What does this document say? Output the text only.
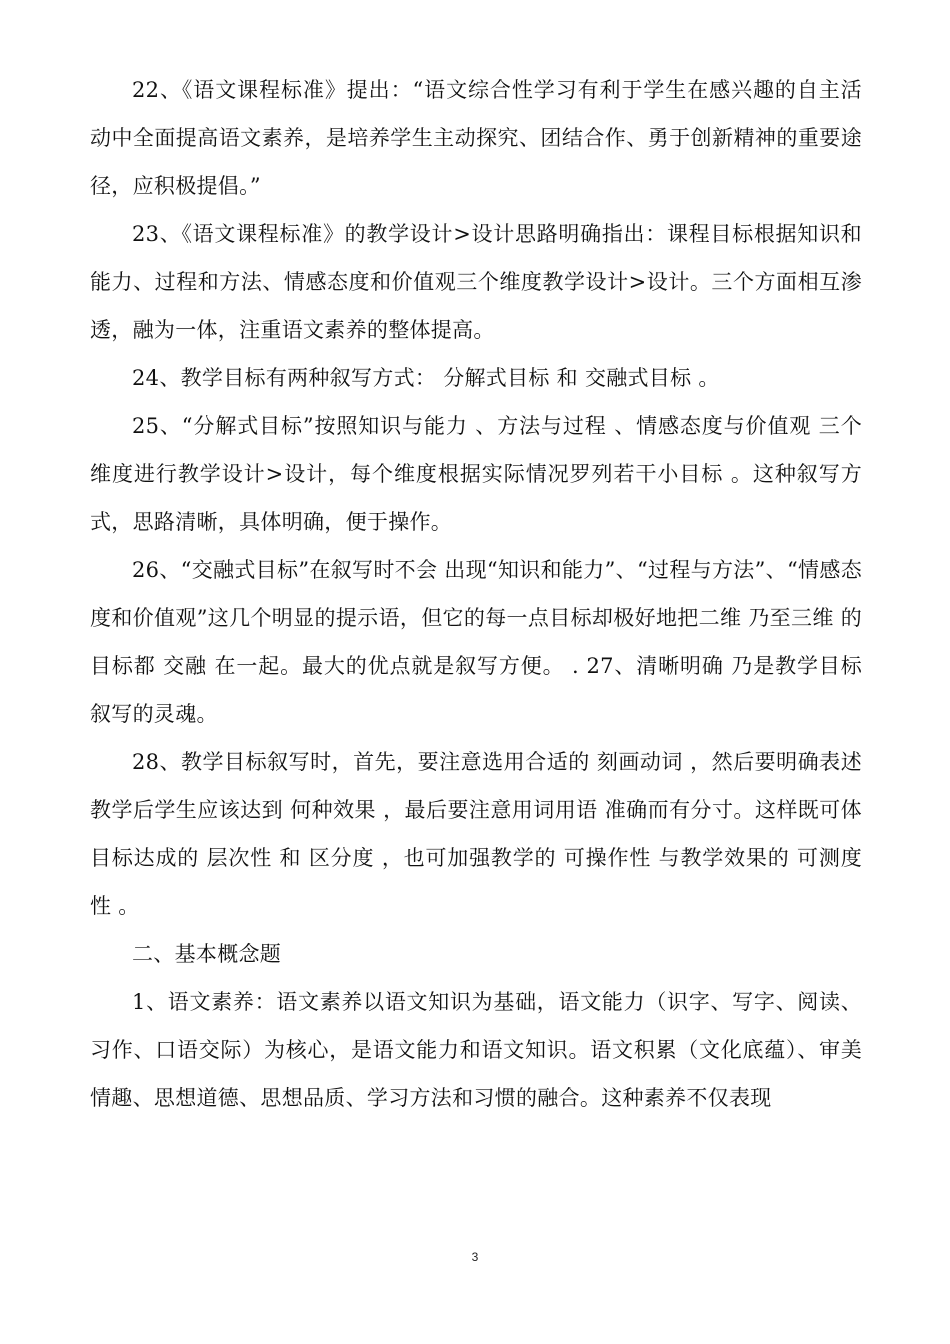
22、《语文课程标准》提出：“语文综合性学习有利于学生在感兴趣的自主活动中全面提高语文素养，是培养学生主动探究、团结合作、勇于创新精神的重要途径，应积极提倡。”

23、《语文课程标准》的教学设计>设计思路明确指出：课程目标根据知识和能力、过程和方法、情感态度和价值观三个维度教学设计>设计。三个方面相互渗透，融为一体，注重语文素养的整体提高。

24、教学目标有两种叙写方式： 分解式目标 和 交融式目标 。

25、“分解式目标”按照知识与能力 、方法与过程 、情感态度与价值观 三个维度进行教学设计>设计，每个维度根据实际情况罗列若干小目标 。这种叙写方式，思路清晰，具体明确，便于操作。

26、“交融式目标”在叙写时不会 出现“知识和能力”、“过程与方法”、“情感态度和价值观”这几个明显的提示语，但它的每一点目标却极好地把二维 乃至三维 的目标都 交融 在一起。最大的优点就是叙写方便。 . 27、清晰明确 乃是教学目标叙写的灵魂。

28、教学目标叙写时，首先，要注意选用合适的 刻画动词 ，然后要明确表述教学后学生应该达到 何种效果 ，最后要注意用词用语 准确而有分寸。这样既可体目标达成的 层次性 和 区分度 ，也可加强教学的 可操作性 与教学效果的 可测度性 。

二、基本概念题

1、语文素养：语文素养以语文知识为基础，语文能力（识字、写字、阅读、习作、口语交际）为核心，是语文能力和语文知识。语文积累（文化底蕴）、审美情趣、思想道德、思想品质、学习方法和习惯的融合。这种素养不仅表现

3
